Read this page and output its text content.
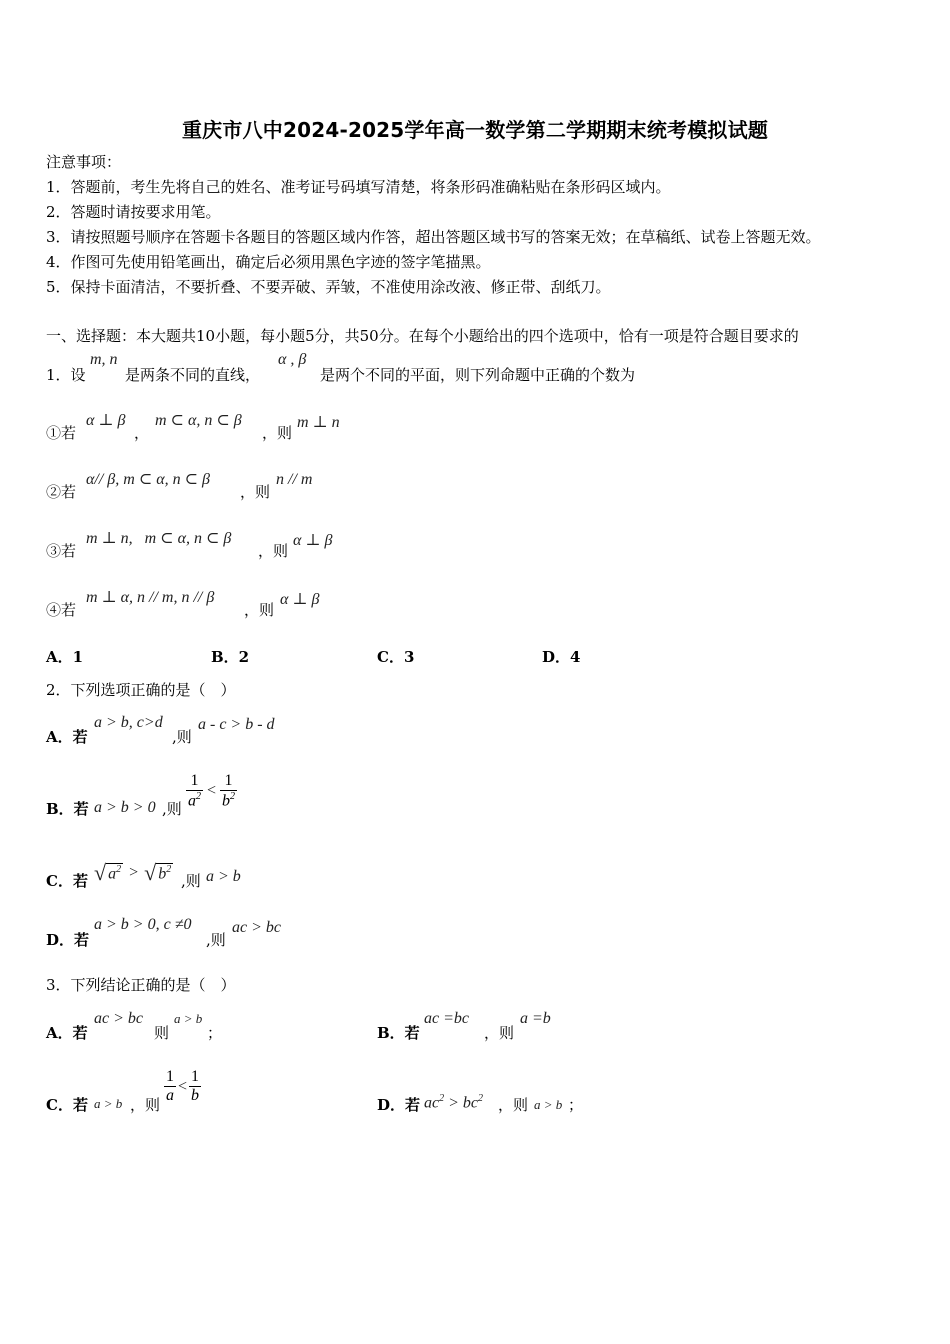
重庆市八中2024-2025学年高一数学第二学期期末统考模拟试题
注意事项：
1．答题前，考生先将自己的姓名、准考证号码填写清楚，将条形码准确粘贴在条形码区域内。
2．答题时请按要求用笔。
3．请按照题号顺序在答题卡各题目的答题区域内作答，超出答题区域书写的答案无效；在草稿纸、试卷上答题无效。
4．作图可先使用铅笔画出，确定后必须用黑色字迹的签字笔描黑。
5．保持卡面清洁，不要折叠、不要弄破、弄皱，不准使用涂改液、修正带、刮纸刀。
一、选择题：本大题共10小题，每小题5分，共50分。在每个小题给出的四个选项中，恰有一项是符合题目要求的
1．设
m, n
是两条不同的直线，
α , β
是两个不同的平面，则下列命题中正确的个数为
①若
α ⊥ β
，
m ⊂ α, n ⊂ β
，则
m ⊥ n
②若
α// β, m ⊂ α, n ⊂ β
，则
n // m
③若
m ⊥ n,   m ⊂ α, n ⊂ β
，则
α ⊥ β
④若
m ⊥ α, n // m, n // β
，则
α ⊥ β
A．1	B．2	C．3	D．4
2．下列选项正确的是（　）
A．若
a > b, c>d
,则
a - c > b - d
B．若 a > b > 0 ,则 $\frac{1}{a^2} < \frac{1}{b^2}$
C．若 √ $a^2$ > √ $b^2$
,则 a > b
D．若
a > b > 0, c ≠0
,则
ac > bc
3．下列结论正确的是（　）
A．若
ac > bc
则
a > b
；	B．若
ac =bc
，则
a =b
C．若 a > b ，则 $\frac{1}{a} < \frac{1}{b}$	D．若 $ac^2 > bc^2$ ，则 a > b ；
